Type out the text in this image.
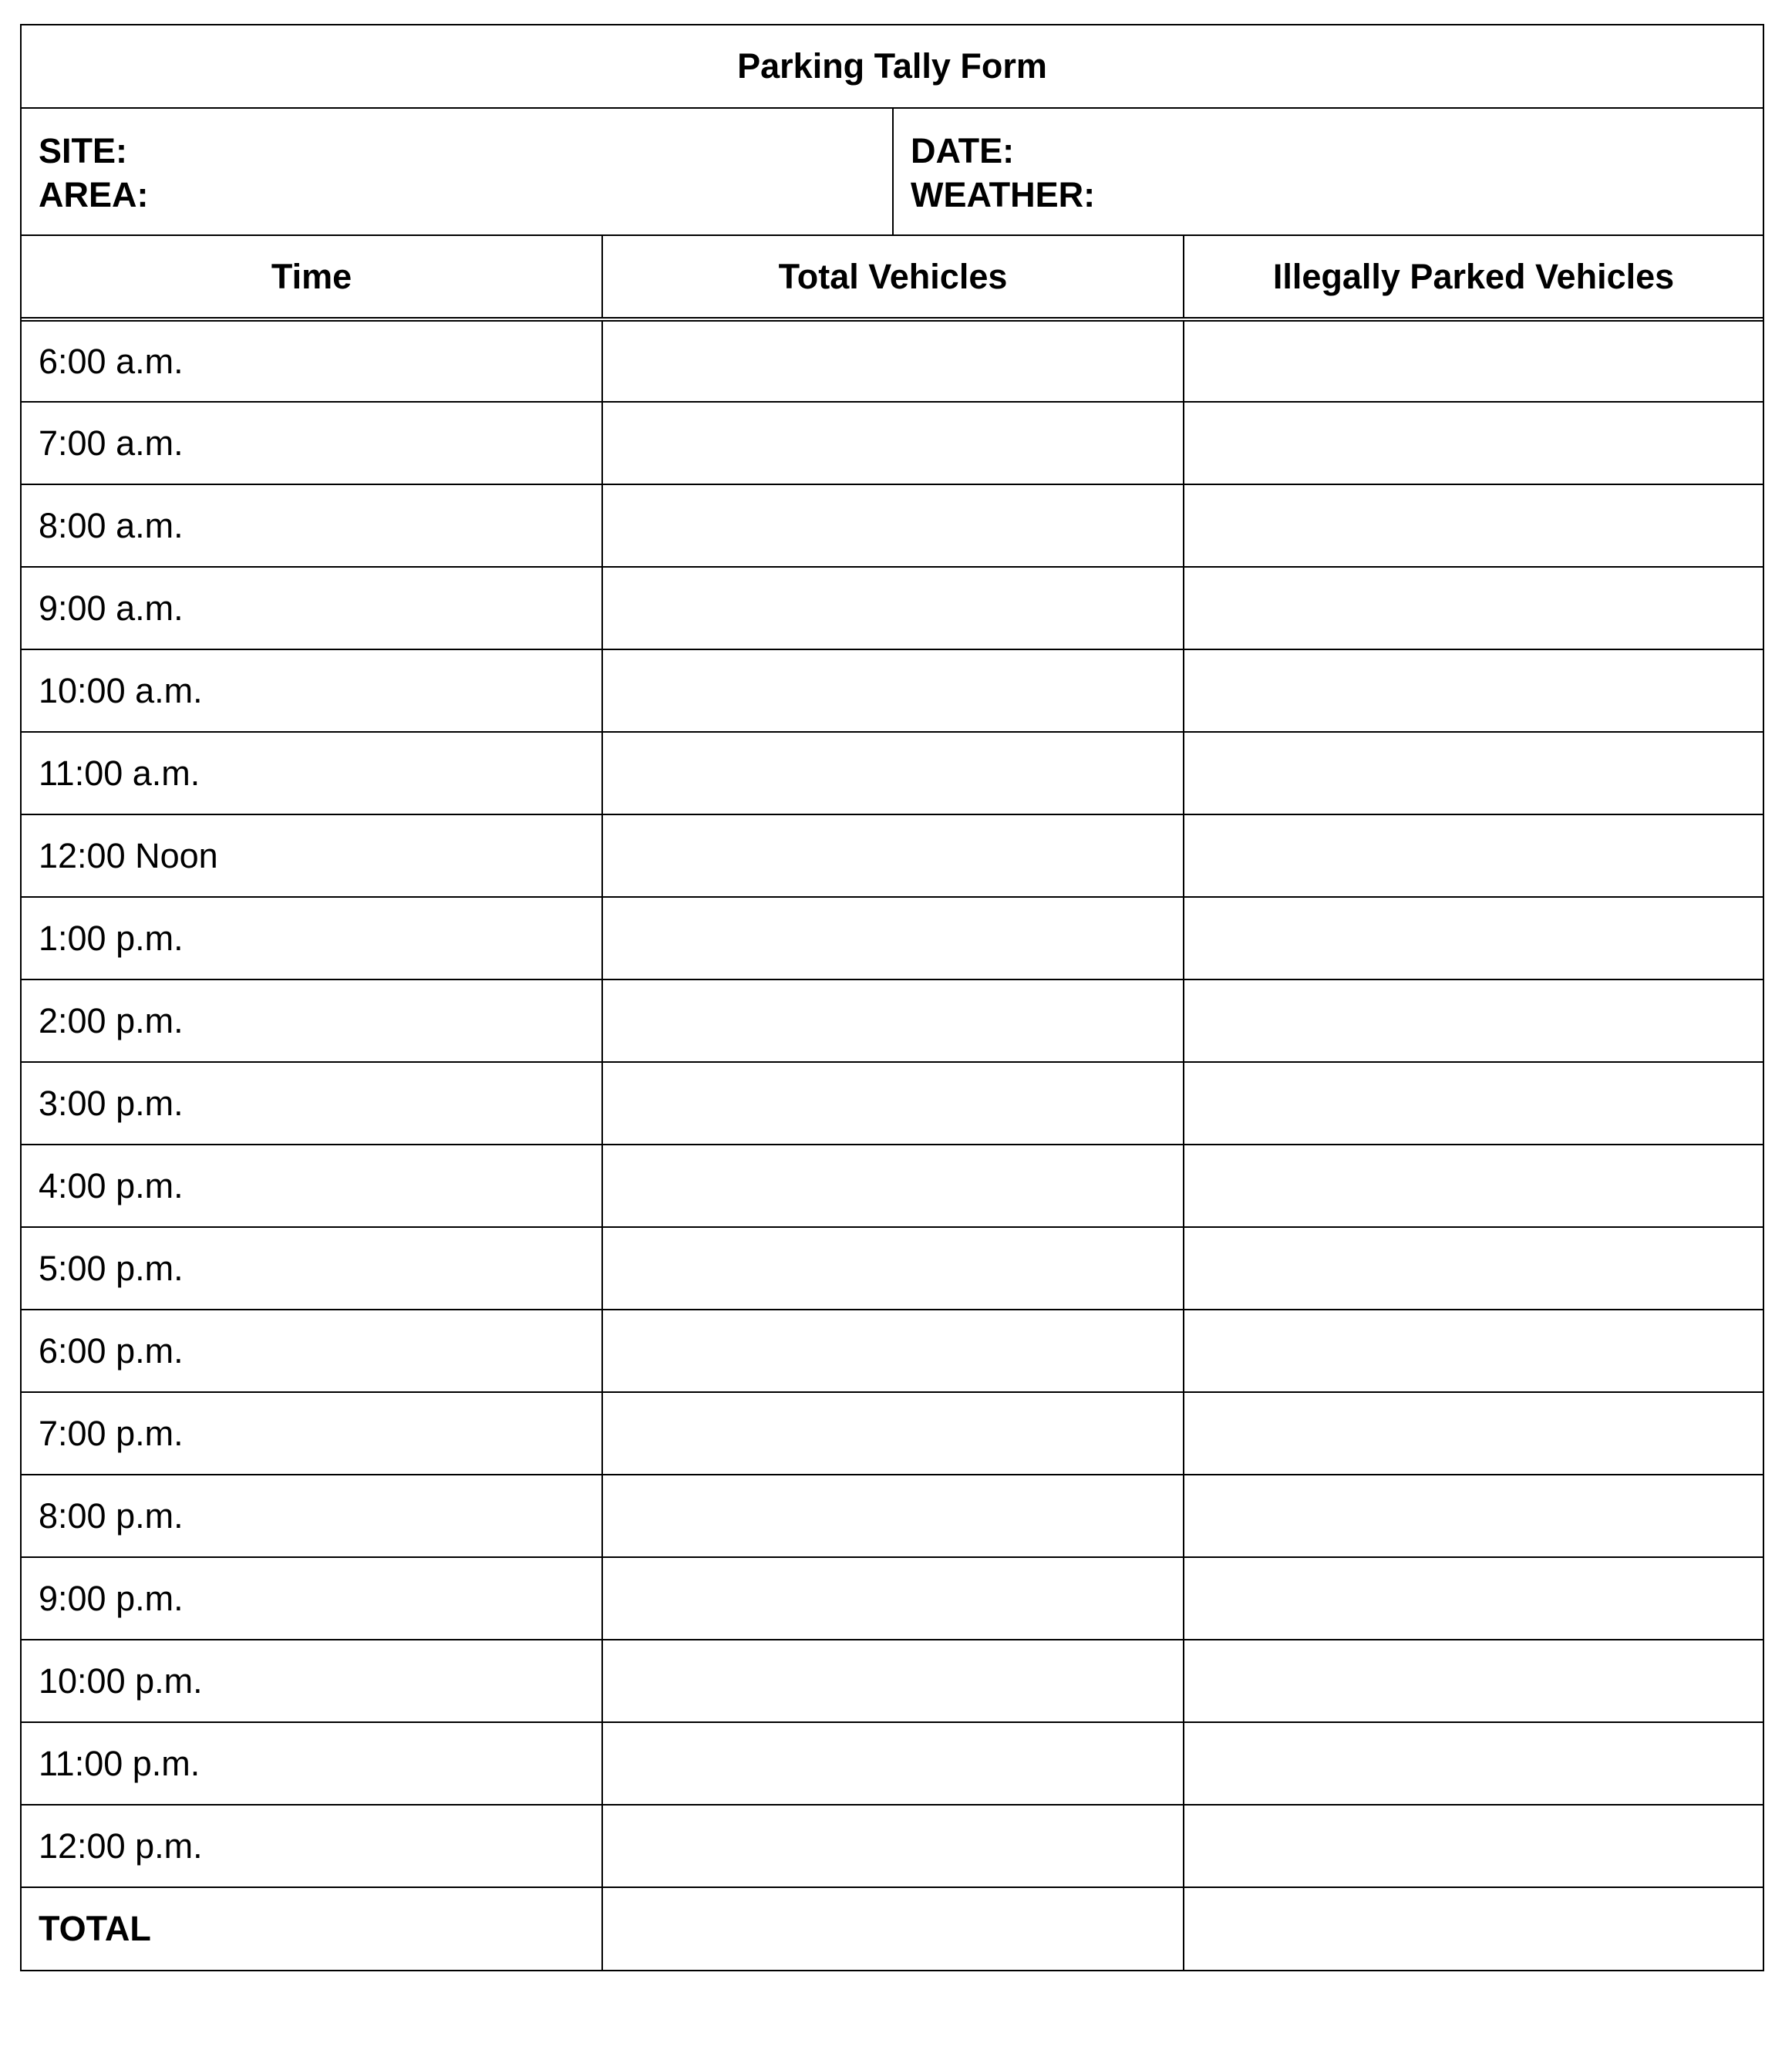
Parking Tally Form
SITE:
AREA:
DATE:
WEATHER:
Time	Total Vehicles	Illegally Parked Vehicles
6:00 a.m.		
7:00 a.m.		
8:00 a.m.		
9:00 a.m.		
10:00 a.m.		
11:00 a.m.		
12:00 Noon		
1:00 p.m.		
2:00 p.m.		
3:00 p.m.		
4:00 p.m.		
5:00 p.m.		
6:00 p.m.		
7:00 p.m.		
8:00 p.m.		
9:00 p.m.		
10:00 p.m.		
11:00 p.m.		
12:00 p.m.		
TOTAL		
